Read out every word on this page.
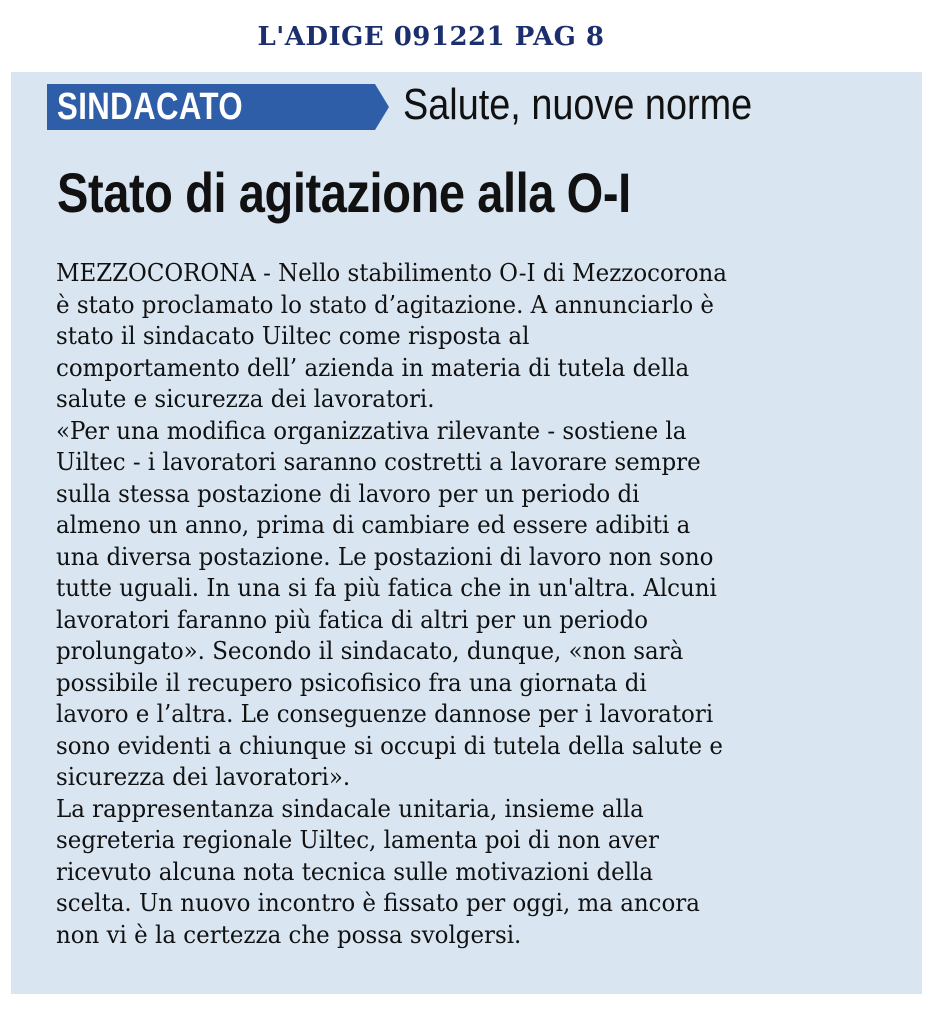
L'ADIGE 091221 PAG 8
SINDACATO	Salute, nuove norme
Stato di agitazione alla O-I
MEZZOCORONA - Nello stabilimento O-I di Mezzocorona
è stato proclamato lo stato d’agitazione. A annunciarlo è
stato il sindacato Uiltec come risposta al
comportamento dell’ azienda in materia di tutela della
salute e sicurezza dei lavoratori.
«Per una modifica organizzativa rilevante - sostiene la
Uiltec - i lavoratori saranno costretti a lavorare sempre
sulla stessa postazione di lavoro per un periodo di
almeno un anno, prima di cambiare ed essere adibiti a
una diversa postazione. Le postazioni di lavoro non sono
tutte uguali. In una si fa più fatica che in un'altra. Alcuni
lavoratori faranno più fatica di altri per un periodo
prolungato». Secondo il sindacato, dunque, «non sarà
possibile il recupero psicofisico fra una giornata di
lavoro e l’altra. Le conseguenze dannose per i lavoratori
sono evidenti a chiunque si occupi di tutela della salute e
sicurezza dei lavoratori».
La rappresentanza sindacale unitaria, insieme alla
segreteria regionale Uiltec, lamenta poi di non aver
ricevuto alcuna nota tecnica sulle motivazioni della
scelta. Un nuovo incontro è fissato per oggi, ma ancora
non vi è la certezza che possa svolgersi.
